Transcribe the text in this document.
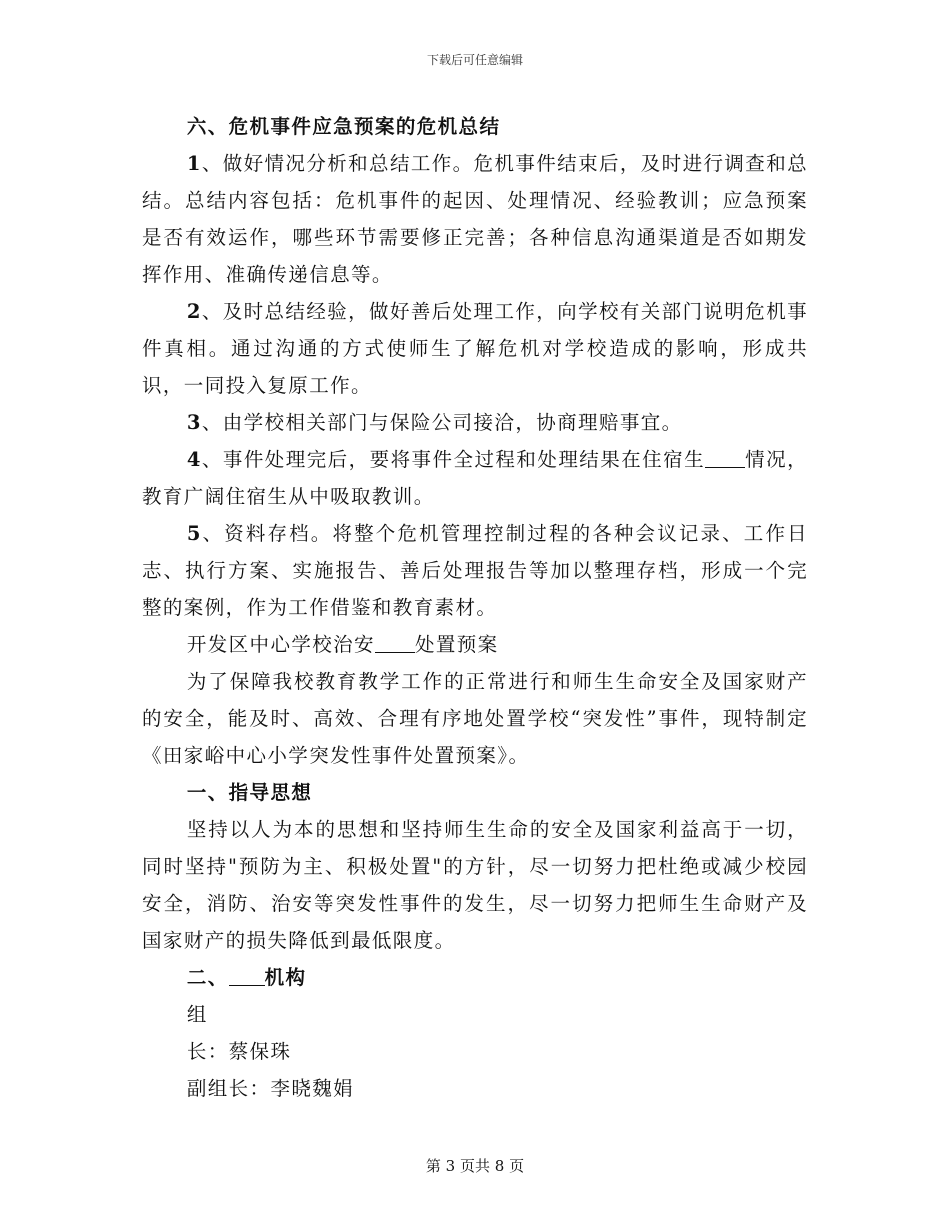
下载后可任意编辑

六、危机事件应急预案的危机总结

1、做好情况分析和总结工作。危机事件结束后，及时进行调查和总结。总结内容包括：危机事件的起因、处理情况、经验教训；应急预案是否有效运作，哪些环节需要修正完善；各种信息沟通渠道是否如期发挥作用、准确传递信息等。

2、及时总结经验，做好善后处理工作，向学校有关部门说明危机事件真相。通过沟通的方式使师生了解危机对学校造成的影响，形成共识，一同投入复原工作。

3、由学校相关部门与保险公司接洽，协商理赔事宜。

4、事件处理完后，要将事件全过程和处理结果在住宿生 情况，教育广阔住宿生从中吸取教训。

5、资料存档。将整个危机管理控制过程的各种会议记录、工作日志、执行方案、实施报告、善后处理报告等加以整理存档，形成一个完整的案例，作为工作借鉴和教育素材。

开发区中心学校治安 处置预案

为了保障我校教育教学工作的正常进行和师生生命安全及国家财产的安全，能及时、高效、合理有序地处置学校“突发性”事件，现特制定《田家峪中心小学突发性事件处置预案》。

一、指导思想

坚持以人为本的思想和坚持师生生命的安全及国家利益高于一切，同时坚持"预防为主、积极处置"的方针，尽一切努力把杜绝或减少校园安全，消防、治安等突发性事件的发生，尽一切努力把师生生命财产及国家财产的损失降低到最低限度。

二、 机构

组

长：蔡保珠

副组长：李晓魏娟

第 3 页共 8 页
